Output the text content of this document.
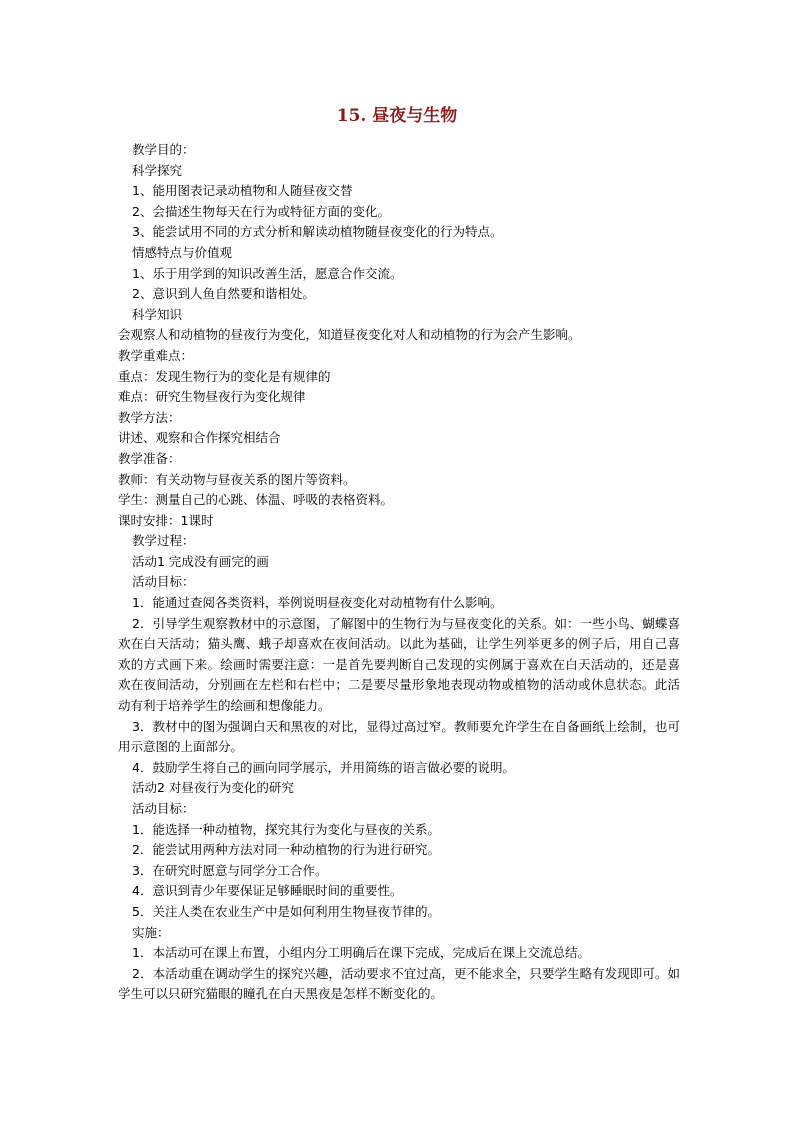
15. 昼夜与生物
教学目的：
科学探究
1、能用图表记录动植物和人随昼夜交替
2、会描述生物每天在行为或特征方面的变化。
3、能尝试用不同的方式分析和解读动植物随昼夜变化的行为特点。
情感特点与价值观
1、乐于用学到的知识改善生活，愿意合作交流。
2、意识到人鱼自然要和谐相处。
科学知识
会观察人和动植物的昼夜行为变化，知道昼夜变化对人和动植物的行为会产生影响。
教学重难点：
重点：发现生物行为的变化是有规律的
难点：研究生物昼夜行为变化规律
教学方法：
讲述、观察和合作探究相结合
教学准备：
教师：有关动物与昼夜关系的图片等资料。
学生：测量自己的心跳、体温、呼吸的表格资料。
课时安排：1课时
教学过程：
活动1 完成没有画完的画
活动目标：
1．能通过查阅各类资料，举例说明昼夜变化对动植物有什么影响。
2．引导学生观察教材中的示意图，了解图中的生物行为与昼夜变化的关系。如：一些小鸟、蝴蝶喜欢在白天活动；猫头鹰、蛾子却喜欢在夜间活动。以此为基础，让学生列举更多的例子后，用自己喜欢的方式画下来。绘画时需要注意：一是首先要判断自己发现的实例属于喜欢在白天活动的，还是喜欢在夜间活动，分别画在左栏和右栏中；二是要尽量形象地表现动物或植物的活动或休息状态。此活动有利于培养学生的绘画和想像能力。
3．教材中的图为强调白天和黑夜的对比，显得过高过窄。教师要允许学生在自备画纸上绘制，也可用示意图的上面部分。
4．鼓励学生将自己的画向同学展示，并用简练的语言做必要的说明。
活动2 对昼夜行为变化的研究
活动目标：
1．能选择一种动植物，探究其行为变化与昼夜的关系。
2．能尝试用两种方法对同一种动植物的行为进行研究。
3．在研究时愿意与同学分工合作。
4．意识到青少年要保证足够睡眠时间的重要性。
5．关注人类在农业生产中是如何利用生物昼夜节律的。
实施：
1．本活动可在课上布置，小组内分工明确后在课下完成，完成后在课上交流总结。
2．本活动重在调动学生的探究兴趣，活动要求不宜过高，更不能求全，只要学生略有发现即可。如学生可以只研究猫眼的瞳孔在白天黑夜是怎样不断变化的。
